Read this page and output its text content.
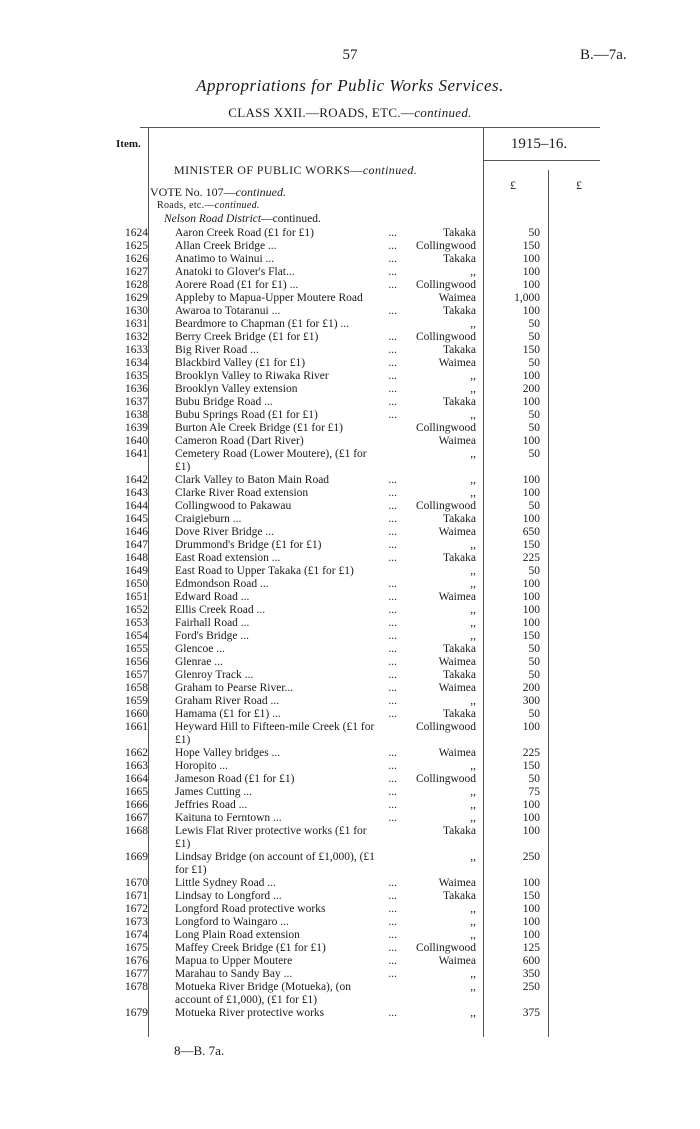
57	B.—7a.
Appropriations for Public Works Services.
CLASS XXII.—ROADS, ETC.—continued.
Item.	1915–16.
£	£
MINISTER OF PUBLIC WORKS—continued.
VOTE No. 107—continued.
Roads, etc.—continued.
Nelson Road District—continued.
1624 Aaron Creek Road (£1 for £1)	...	Takaka	50
1625 Allan Creek Bridge ...	...	Collingwood	150
1626 Anatimo to Wainui ...	...	Takaka	100
1627 Anatoki to Glover's Flat...	...	,,	100
1628 Aorere Road (£1 for £1) ...	...	Collingwood	100
1629 Appleby to Mapua-Upper Moutere Road	Waimea	1,000
1630 Awaroa to Totaranui ...	...	Takaka	100
1631 Beardmore to Chapman (£1 for £1) ...	,,	50
1632 Berry Creek Bridge (£1 for £1)	...	Collingwood	50
1633 Big River Road ...	...	Takaka	150
1634 Blackbird Valley (£1 for £1)	...	Waimea	50
1635 Brooklyn Valley to Riwaka River	...	,,	100
1636 Brooklyn Valley extension	...	,,	200
1637 Bubu Bridge Road ...	...	Takaka	100
1638 Bubu Springs Road (£1 for £1)	...	,,	50
1639 Burton Ale Creek Bridge (£1 for £1)	Collingwood	50
1640 Cameron Road (Dart River)	Waimea	100
1641 Cemetery Road (Lower Moutere), (£1 for £1)
,,	50
1642 Clark Valley to Baton Main Road	...	,,	100
1643 Clarke River Road extension	...	,,	100
1644 Collingwood to Pakawau	...	Collingwood	50
1645 Craigieburn ...	...	Takaka	100
1646 Dove River Bridge ...	...	Waimea	650
1647 Drummond's Bridge (£1 for £1)	...	,,	150
1648 East Road extension ...	...	Takaka	225
1649 East Road to Upper Takaka (£1 for £1)	,,	50
1650 Edmondson Road ...	...	,,	100
1651 Edward Road ...	...	Waimea	100
1652 Ellis Creek Road ...	...	,,	100
1653 Fairhall Road ...	...	,,	100
1654 Ford's Bridge ...	...	,,	150
1655 Glencoe ...	...	Takaka	50
1656 Glenrae ...	...	Waimea	50
1657 Glenroy Track ...	...	Takaka	50
1658 Graham to Pearse River...	...	Waimea	200
1659 Graham River Road ...	...	,,	300
1660 Hamama (£1 for £1) ...	...	Takaka	50
1661 Heyward Hill to Fifteen-mile Creek (£1 for £1)
Collingwood	100
1662 Hope Valley bridges ...	...	Waimea	225
1663 Horopito ...	...	,,	150
1664 Jameson Road (£1 for £1)	...	Collingwood	50
1665 James Cutting ...	...	,,	75
1666 Jeffries Road ...	...	,,	100
1667 Kaituna to Ferntown ...	...	,,	100
1668 Lewis Flat River protective works (£1 for £1)
Takaka	100
1669 Lindsay Bridge (on account of £1,000), (£1 for £1)
,,	250
1670 Little Sydney Road ...	...	Waimea	100
1671 Lindsay to Longford ...	...	Takaka	150
1672 Longford Road protective works	...	,,	100
1673 Longford to Waingaro ...	...	,,	100
1674 Long Plain Road extension	...	,,	100
1675 Maffey Creek Bridge (£1 for £1)	...	Collingwood	125
1676 Mapua to Upper Moutere	...	Waimea	600
1677 Marahau to Sandy Bay ...	...	,,	350
1678 Motueka River Bridge (Motueka), (on account of £1,000), (£1 for £1)
,,	250
1679 Motueka River protective works	...	,,	375
8—B. 7a.
